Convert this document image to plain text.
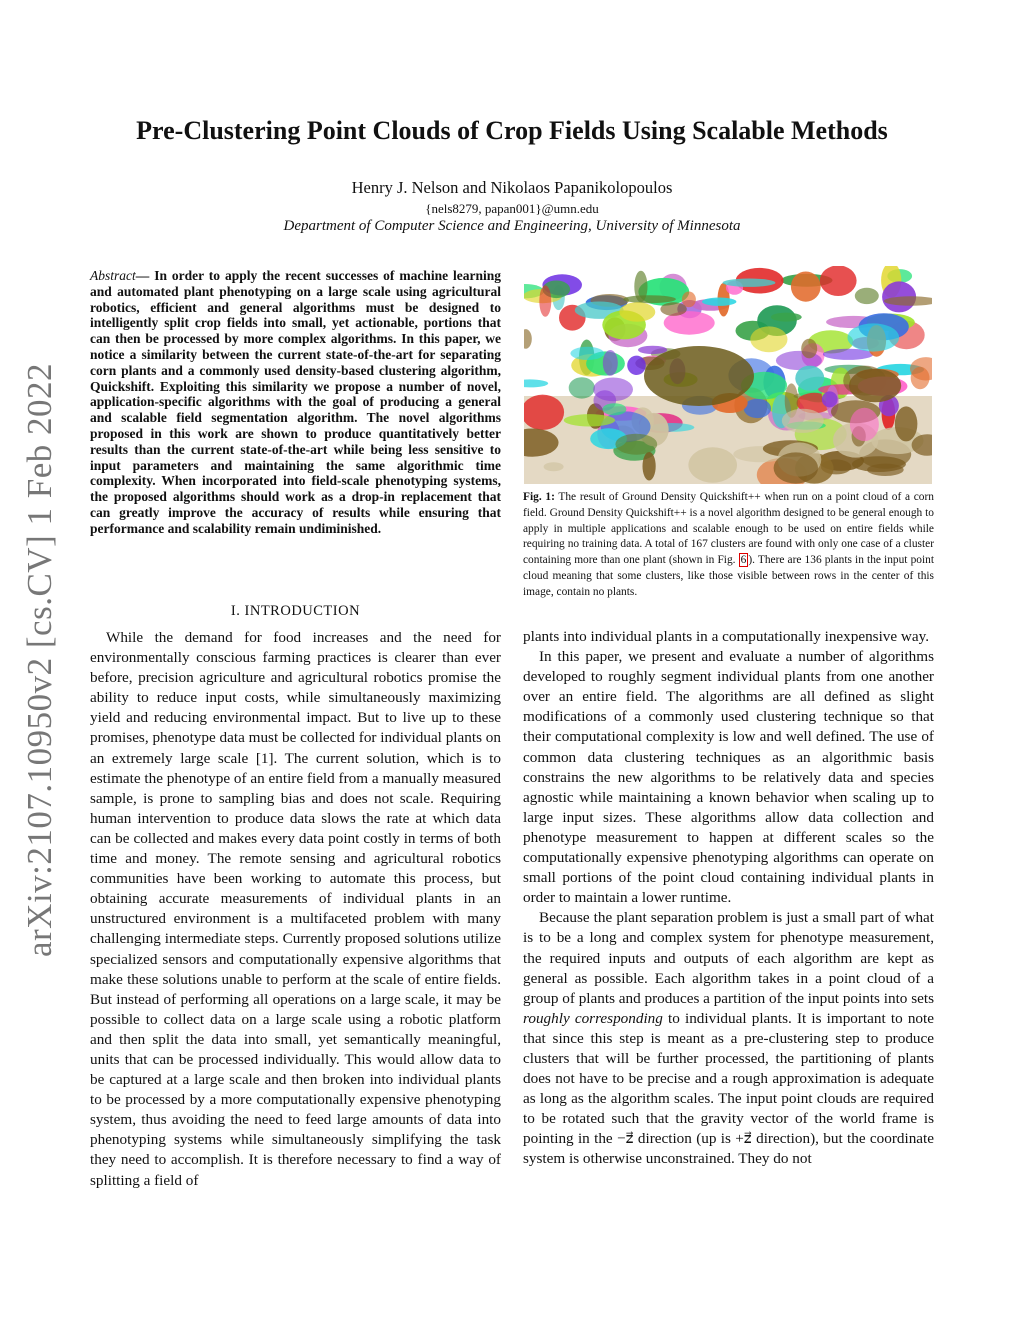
arXiv:2107.10950v2 [cs.CV] 1 Feb 2022
Pre-Clustering Point Clouds of Crop Fields Using Scalable Methods
Henry J. Nelson and Nikolaos Papanikolopoulos
{nels8279, papan001}@umn.edu
Department of Computer Science and Engineering, University of Minnesota
Abstract— In order to apply the recent successes of machine learning and automated plant phenotyping on a large scale using agricultural robotics, efficient and general algorithms must be designed to intelligently split crop fields into small, yet actionable, portions that can then be processed by more complex algorithms. In this paper, we notice a similarity between the current state-of-the-art for separating corn plants and a commonly used density-based clustering algorithm, Quickshift. Exploiting this similarity we propose a number of novel, application-specific algorithms with the goal of producing a general and scalable field segmentation algorithm. The novel algorithms proposed in this work are shown to produce quantitatively better results than the current state-of-the-art while being less sensitive to input parameters and maintaining the same algorithmic time complexity. When incorporated into field-scale phenotyping systems, the proposed algorithms should work as a drop-in replacement that can greatly improve the accuracy of results while ensuring that performance and scalability remain undiminished.
I. INTRODUCTION

While the demand for food increases and the need for environmentally conscious farming practices is clearer than ever before, precision agriculture and agricultural robotics promise the ability to reduce input costs, while simultaneously maximizing yield and reducing environmental impact. But to live up to these promises, phenotype data must be collected for individual plants on an extremely large scale [1]. The current solution, which is to estimate the phenotype of an entire field from a manually measured sample, is prone to sampling bias and does not scale. Requiring human intervention to produce data slows the rate at which data can be collected and makes every data point costly in terms of both time and money. The remote sensing and agricultural robotics communities have been working to automate this process, but obtaining accurate measurements of individual plants in an unstructured environment is a multifaceted problem with many challenging intermediate steps. Currently proposed solutions utilize specialized sensors and computationally expensive algorithms that make these solutions unable to perform at the scale of entire fields. But instead of performing all operations on a large scale, it may be possible to collect data on a large scale using a robotic platform and then split the data into small, yet semantically meaningful, units that can be processed individually. This would allow data to be captured at a large scale and then broken into individual plants to be processed by a more computationally expensive phenotyping system, thus avoiding the need to feed large amounts of data into phenotyping systems while simultaneously simplifying the task they need to accomplish. It is therefore necessary to find a way of splitting a field of

Fig. 1: The result of Ground Density Quickshift++ when run on a point cloud of a corn field. Ground Density Quickshift++ is a novel algorithm designed to be general enough to apply in multiple applications and scalable enough to be used on entire fields while requiring no training data. A total of 167 clusters are found with only one case of a cluster containing more than one plant (shown in Fig. 6 ). There are 136 plants in the input point cloud meaning that some clusters, like those visible between rows in the center of this image, contain no plants.

plants into individual plants in a computationally inexpensive way.

In this paper, we present and evaluate a number of algorithms developed to roughly segment individual plants from one another over an entire field. The algorithms are all defined as slight modifications of a commonly used clustering technique so that their computational complexity is low and well defined. The use of common data clustering techniques as an algorithmic basis constrains the new algorithms to be relatively data and species agnostic while maintaining a known behavior when scaling up to large input sizes. These algorithms allow data collection and phenotype measurement to happen at different scales so the computationally expensive phenotyping algorithms can operate on small portions of the point cloud containing individual plants in order to maintain a lower runtime.

Because the plant separation problem is just a small part of what is to be a long and complex system for phenotype measurement, the required inputs and outputs of each algorithm are kept as general as possible. Each algorithm takes in a point cloud of a group of plants and produces a partition of the input points into sets roughly corresponding to individual plants. It is important to note that since this step is meant as a pre-clustering step to produce clusters that will be further processed, the partitioning of plants does not have to be precise and a rough approximation is adequate as long as the algorithm scales. The input point clouds are required to be rotated such that the gravity vector of the world frame is pointing in the −z⃗ direction (up is +z⃗ direction), but the coordinate system is otherwise unconstrained. They do not
